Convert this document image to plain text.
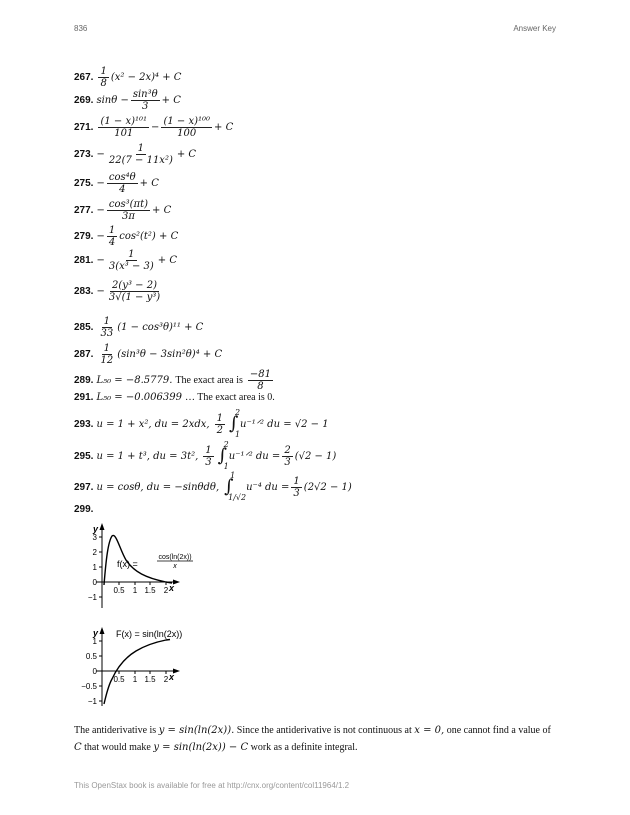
836	Answer Key
267. $\frac{1}{8} (x^2 - 2x)^4 + C$
269. $\sin\theta - \frac{\text{sin³θ}}{3} + C$
271. $\frac{\text{(1 − x)¹⁰¹}}{101} - \frac{\text{(1 − x)¹⁰⁰}}{100} + C$
273. − $\frac{1}{\text{22(7 − 11x²)}} + C$
275. − $\frac{\text{cos⁴θ}}{4} + C$
277. − $\frac{\text{cos³(πt)}}{3\pi} + C$
279. − $\frac{1}{4} \cos^2(t^2) + C$
281. − $\frac{1}{\text{3(x³ − 3)}} + C$
283. − $\frac{\text{2(y³ − 2)}}{\text{3√(1 − y³)}}$
285. $\frac{1}{33} (1 - \cos^3\theta)^{11} + C$
287. $\frac{1}{12} (\sin^3\theta - 3\sin^2\theta)^4 + C$
289. L₅₀ = −8.5779. The exact area is $\frac{-81}{8}$
291. L₅₀ = −0.006399 … The exact area is 0.
293. u = 1 + x², du = 2xdx, $\frac{1}{2} 2$
∫
1
u⁻¹ᐟ² du = √2 − 1
295. u = 1 + t³, du = 3t², $\frac{1}{3} 2$
∫
1
u⁻¹ᐟ² du = $\frac{2}{3} (√2 - 1)$
297. u = cosθ, du = −sinθdθ,
1
∫
1/√2
u⁻⁴ du = $\frac{1}{3} (2√2 - 1)$
299.
3
2
1
0
−1
0.5 1 1.5 2
y
x
f(x) =
cos(ln(2x))
x
1
0.5
0
−0.5
−1
0.5 1 1.5 2
y
x
F(x) = sin(ln(2x))
The antiderivative is y = sin(ln(2x)). Since the antiderivative is not continuous at x = 0, one cannot find a value of C that would make y = sin(ln(2x)) − C work as a definite integral.
This OpenStax book is available for free at http://cnx.org/content/col11964/1.2
